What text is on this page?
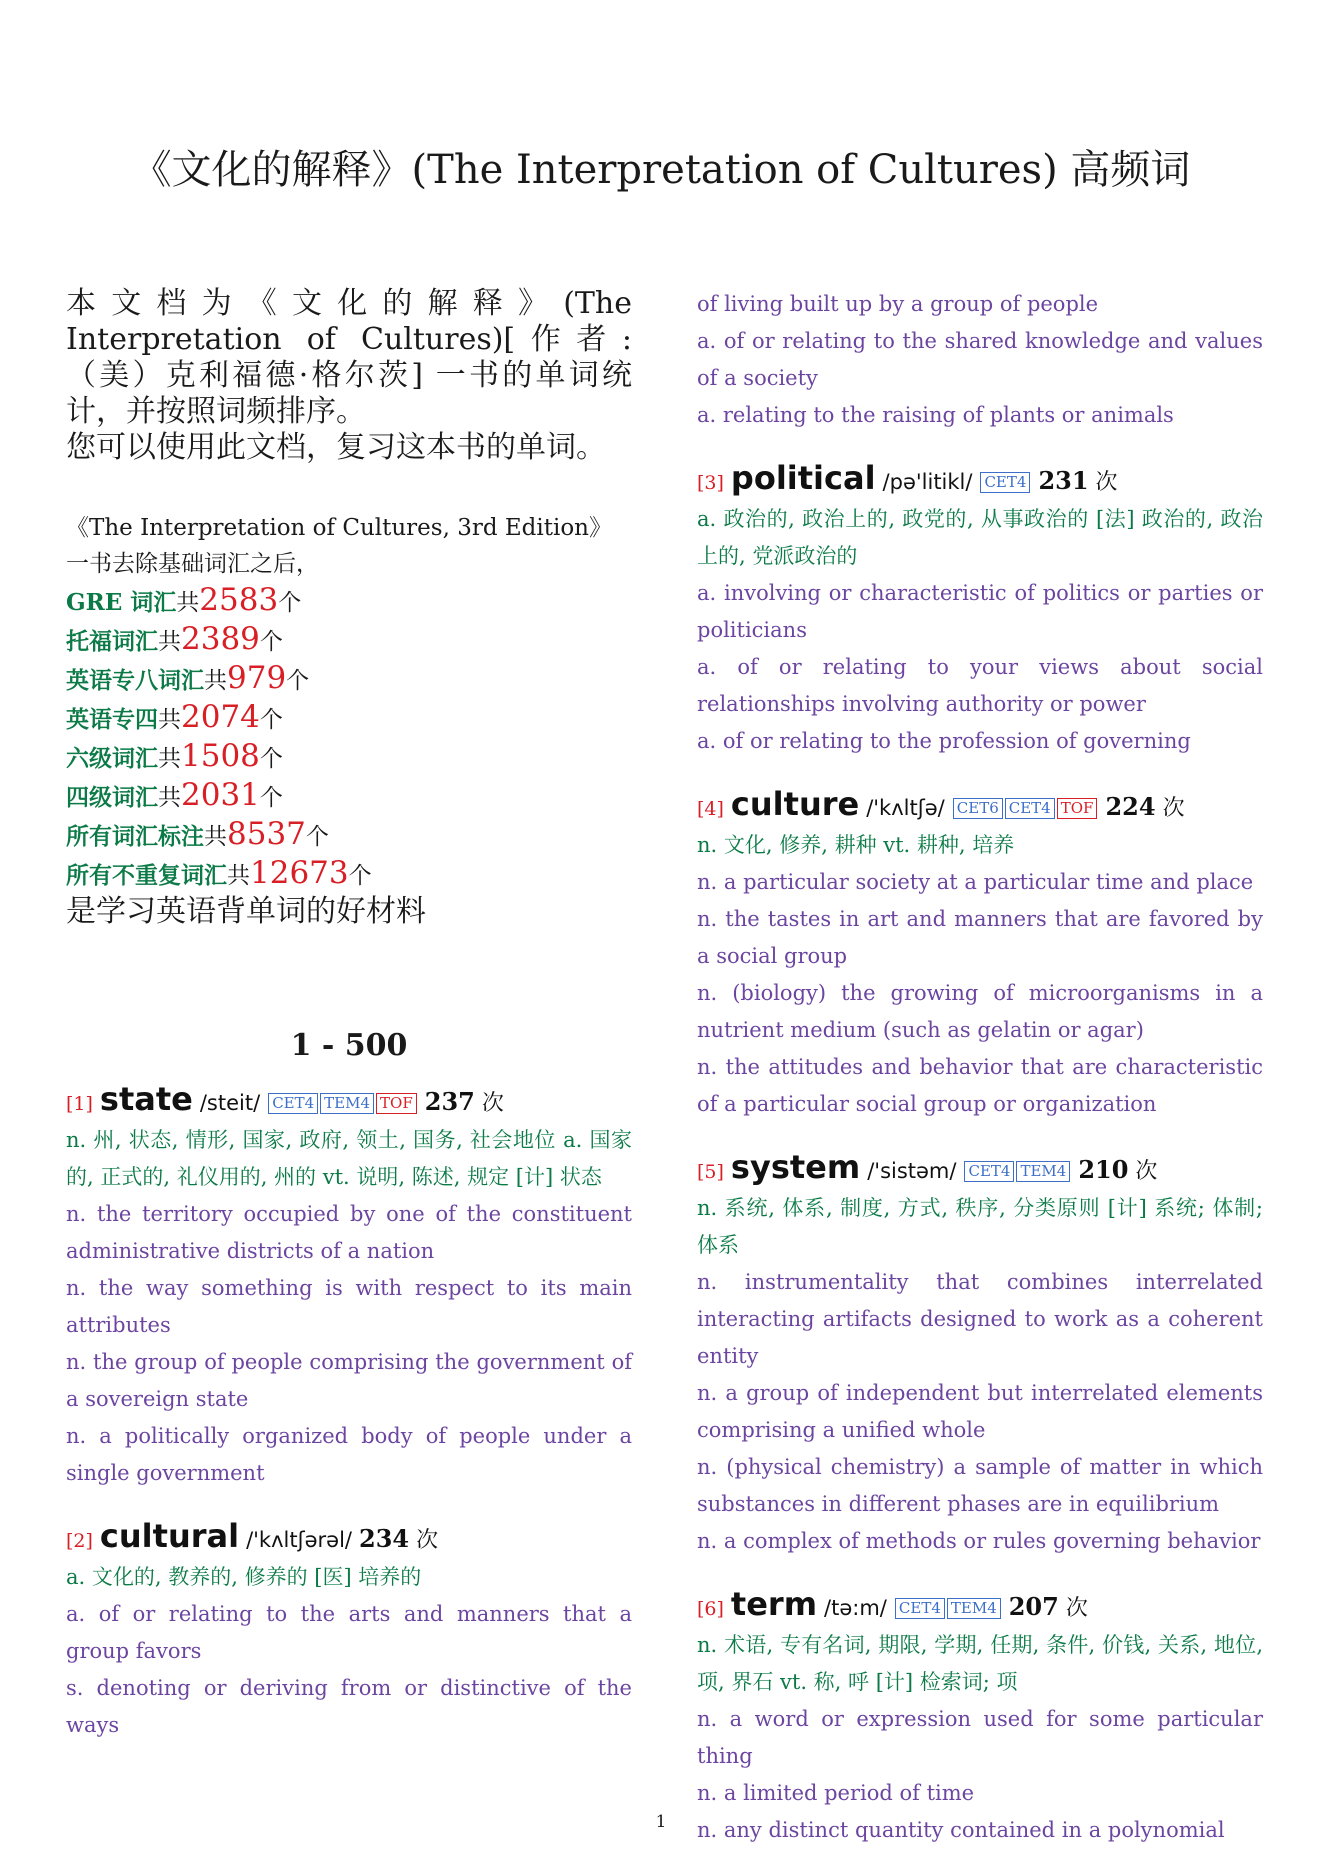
《文化的解释》(The Interpretation of Cultures) 高频词

本文档为《文化的解释》(The Interpretation of Cultures)[作者: （美）克利福德·格尔茨] 一书的单词统计，并按照词频排序。
您可以使用此文档，复习这本书的单词。

《The Interpretation of Cultures, 3rd Edition》
一书去除基础词汇之后，
GRE 词汇共2583个
托福词汇共2389个
英语专八词汇共979个
英语专四共2074个
六级词汇共1508个
四级词汇共2031个
所有词汇标注共8537个
所有不重复词汇共12673个
是学习英语背单词的好材料
1 - 500
[1] state /steit/ CET4 TEM4 TOF 237 次

n. 州, 状态, 情形, 国家, 政府, 领土, 国务, 社会地位 a. 国家的, 正式的, 礼仪用的, 州的 vt. 说明, 陈述, 规定 [计] 状态

n. the territory occupied by one of the constituent administrative districts of a nation

n. the way something is with respect to its main attributes

n. the group of people comprising the government of a sovereign state

n. a politically organized body of people under a single government

[2] cultural /'kʌltʃərəl/ 234 次

a. 文化的, 教养的, 修养的 [医] 培养的

a. of or relating to the arts and manners that a group favors

s. denoting or deriving from or distinctive of the ways

of living built up by a group of people

a. of or relating to the shared knowledge and values of a society

a. relating to the raising of plants or animals

[3] political /pə'litikl/ CET4 231 次

a. 政治的, 政治上的, 政党的, 从事政治的 [法] 政治的, 政治上的, 党派政治的

a. involving or characteristic of politics or parties or politicians

a. of or relating to your views about social relationships involving authority or power

a. of or relating to the profession of governing

[4] culture /'kʌltʃə/ CET6 CET4 TOF 224 次

n. 文化, 修养, 耕种 vt. 耕种, 培养

n. a particular society at a particular time and place

n. the tastes in art and manners that are favored by a social group

n. (biology) the growing of microorganisms in a nutrient medium (such as gelatin or agar)

n. the attitudes and behavior that are characteristic of a particular social group or organization

[5] system /'sistəm/ CET4 TEM4 210 次

n. 系统, 体系, 制度, 方式, 秩序, 分类原则 [计] 系统; 体制; 体系

n. instrumentality that combines interrelated interacting artifacts designed to work as a coherent entity

n. a group of independent but interrelated elements comprising a unified whole

n. (physical chemistry) a sample of matter in which substances in different phases are in equilibrium

n. a complex of methods or rules governing behavior

[6] term /tə:m/ CET4 TEM4 207 次

n. 术语, 专有名词, 期限, 学期, 任期, 条件, 价钱, 关系, 地位, 项, 界石 vt. 称, 呼 [计] 检索词; 项

n. a word or expression used for some particular thing

n. a limited period of time

n. any distinct quantity contained in a polynomial

1
